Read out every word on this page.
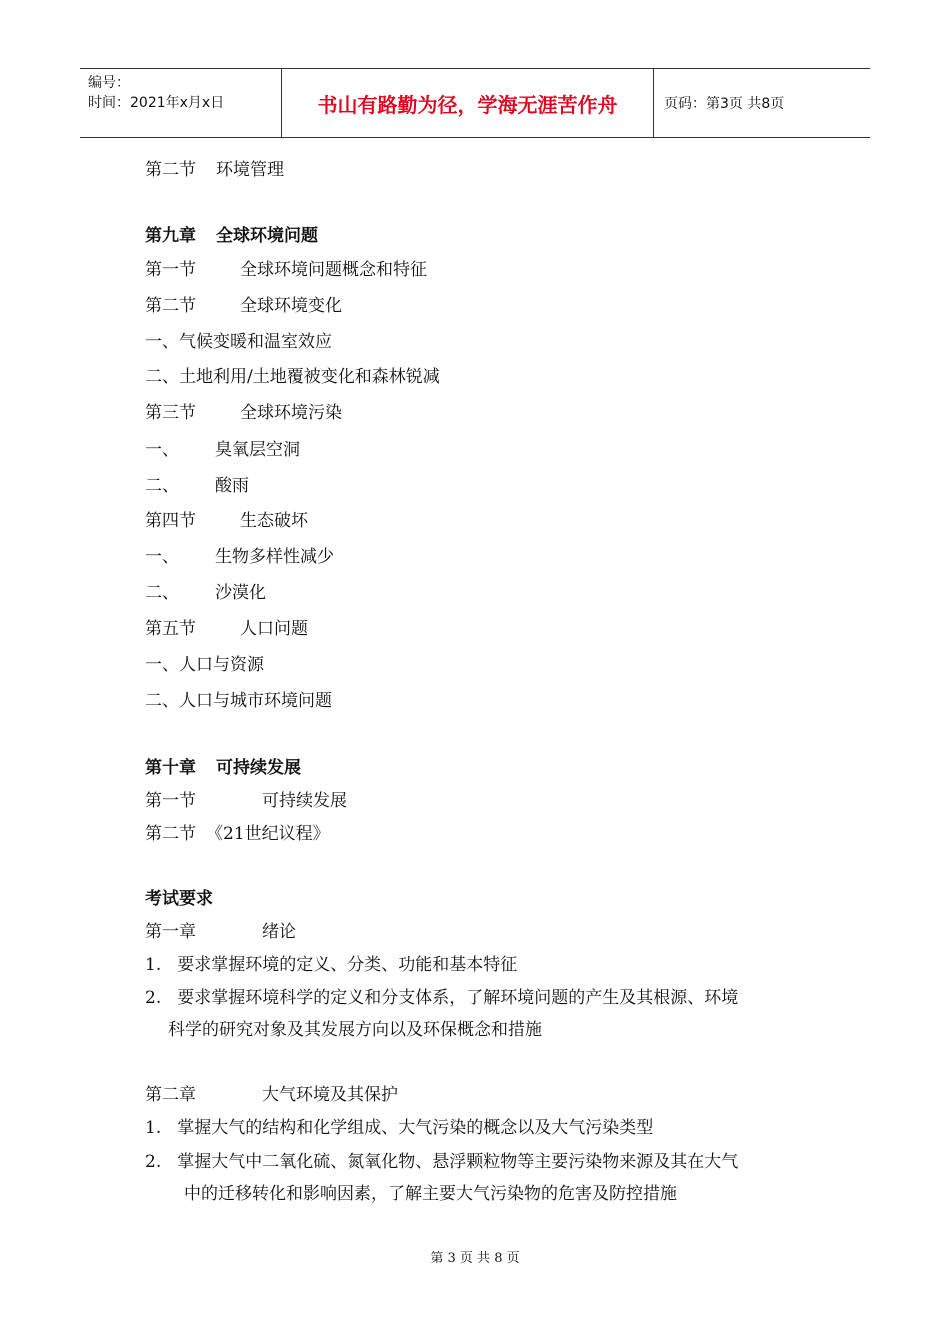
编号：
时间：2021年x月x日	书山有路勤为径，学海无涯苦作舟	页码：第3页 共8页
第二节 环境管理
第九章 全球环境问题
第一节	全球环境问题概念和特征
第二节	全球环境变化
一、气候变暖和温室效应
二、土地利用/土地覆被变化和森林锐减
第三节	全球环境污染
一、 臭氧层空洞
二、 酸雨
第四节	生态破坏
一、 生物多样性减少
二、 沙漠化
第五节	人口问题
一、人口与资源
二、人口与城市环境问题
第十章 可持续发展
第一节	可持续发展
第二节 《21世纪议程》
考试要求
第一章	绪论
1. 要求掌握环境的定义、分类、功能和基本特征
2. 要求掌握环境科学的定义和分支体系，了解环境问题的产生及其根源、环境
科学的研究对象及其发展方向以及环保概念和措施
第二章	大气环境及其保护
1. 掌握大气的结构和化学组成、大气污染的概念以及大气污染类型
2. 掌握大气中二氧化硫、氮氧化物、悬浮颗粒物等主要污染物来源及其在大气
中的迁移转化和影响因素，了解主要大气污染物的危害及防控措施
第 3 页 共 8 页
